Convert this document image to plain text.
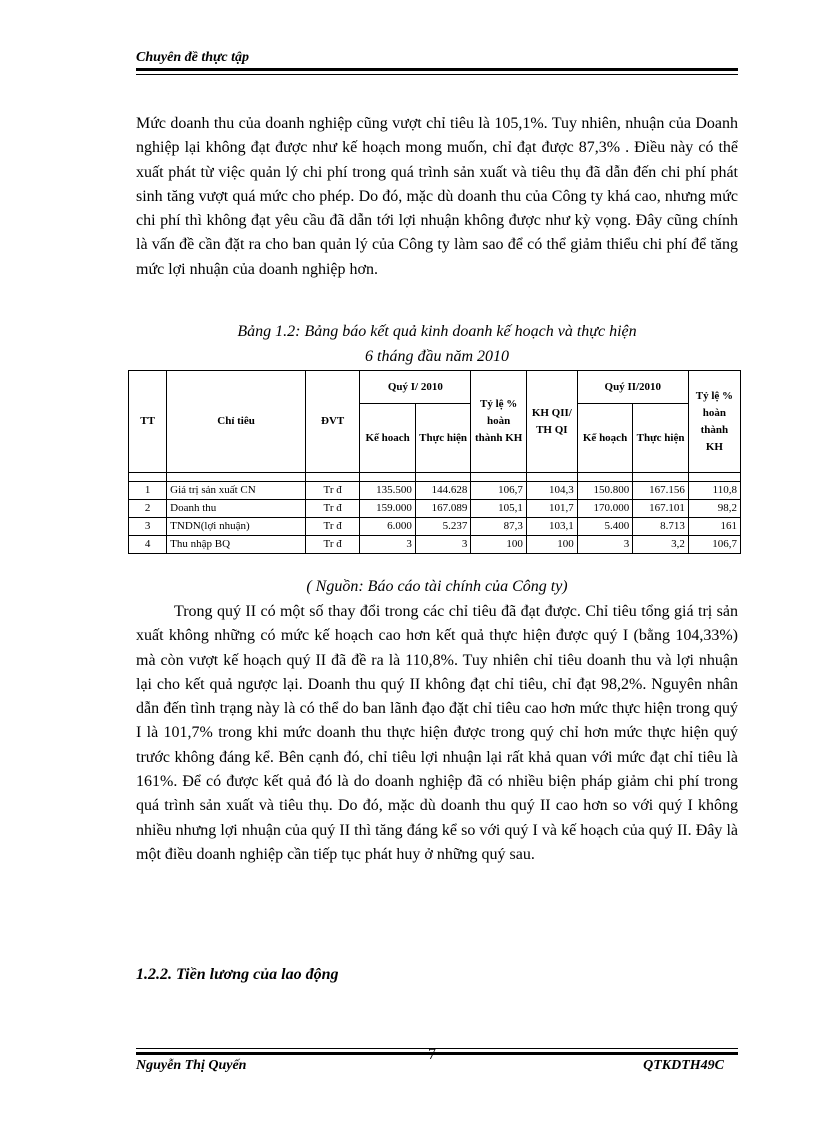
Chuyên đề thực tập

Mức doanh thu của doanh nghiệp cũng vượt chỉ tiêu là 105,1%. Tuy nhiên, nhuận của Doanh nghiệp lại không đạt được như kế hoạch mong muốn, chỉ đạt được 87,3% . Điều này có thể xuất phát từ việc quản lý chi phí trong quá trình sản xuất và tiêu thụ đã dẫn đến chi phí phát sinh tăng vượt quá mức cho phép. Do đó, mặc dù doanh thu của Công ty khá cao, nhưng mức chi phí thì không đạt yêu cầu đã dẫn tới lợi nhuận không được như kỳ vọng. Đây cũng chính là vấn đề cần đặt ra cho ban quản lý của Công ty làm sao để có thể giảm thiểu chi phí để tăng mức lợi nhuận của doanh nghiệp hơn.

Bảng 1.2: Bảng báo kết quả kinh doanh kế hoạch và thực hiện
6 tháng đầu năm 2010
TT	Chỉ tiêu	ĐVT	Quý I/ 2010		Tỷ lệ % hoàn thành KH	KH QII/ TH QI	Quý II/2010		Tỷ lệ % hoàn thành KH
			Kế hoach	Thực hiện			Kế hoạch	Thực hiện	

1	Giá trị sản xuất CN	Tr đ	135.500	144.628	106,7	104,3	150.800	167.156	110,8
2	Doanh thu	Tr đ	159.000	167.089	105,1	101,7	170.000	167.101	98,2
3	TNDN(lợi nhuận)	Tr đ	6.000	5.237	87,3	103,1	5.400	8.713	161
4	Thu nhập BQ	Tr đ	3	3	100	100	3	3,2	106,7
( Nguồn: Báo cáo tài chính của Công ty)

Trong quý II có một số thay đổi trong các chỉ tiêu đã đạt được. Chỉ tiêu tổng giá trị sản xuất không những có mức kế hoạch cao hơn kết quả thực hiện được quý I (bằng 104,33%) mà còn vượt kế hoạch quý II đã đề ra là 110,8%. Tuy nhiên chỉ tiêu doanh thu và lợi nhuận lại cho kết quả ngược lại. Doanh thu quý II không đạt chỉ tiêu, chỉ đạt 98,2%. Nguyên nhân dẫn đến tình trạng này là có thể do ban lãnh đạo đặt chỉ tiêu cao hơn mức thực hiện trong quý I là 101,7% trong khi mức doanh thu thực hiện được trong quý chỉ hơn mức thực hiện quý trước không đáng kể. Bên cạnh đó, chỉ tiêu lợi nhuận lại rất khả quan với mức đạt chỉ tiêu là 161%. Để có được kết quả đó là do doanh nghiệp đã có nhiều biện pháp giảm chi phí trong quá trình sản xuất và tiêu thụ. Do đó, mặc dù doanh thu quý II cao hơn so với quý I không nhiều nhưng lợi nhuận của quý II thì tăng đáng kể so với quý I và kế hoạch của quý II. Đây là một điều doanh nghiệp cần tiếp tục phát huy ở những quý sau.

1.2.2. Tiền lương của lao động
Nguyễn Thị Quyến
7
QTKDTH49C
